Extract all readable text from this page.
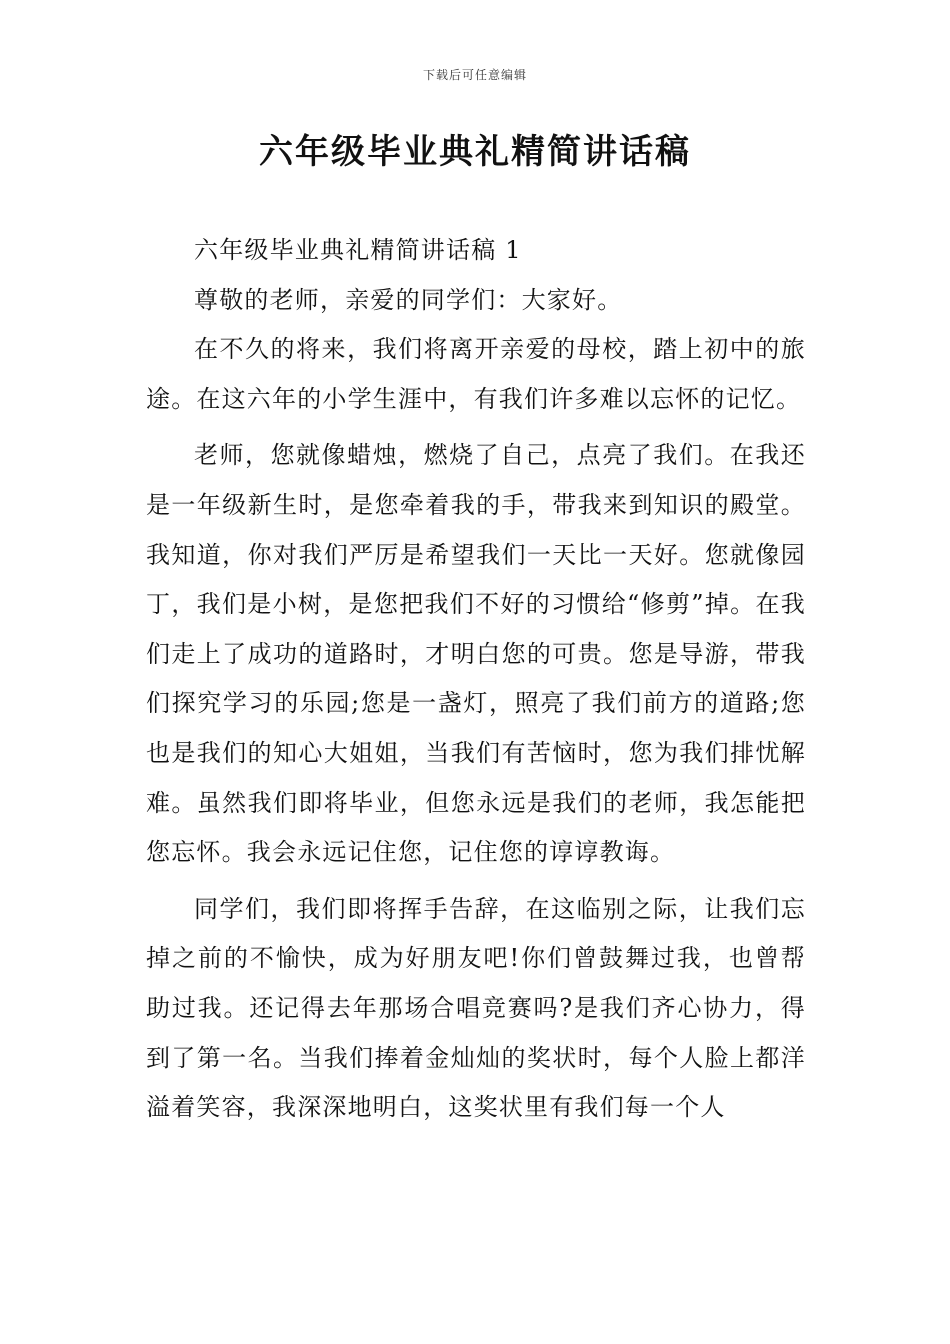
下载后可任意编辑
六年级毕业典礼精简讲话稿

六年级毕业典礼精简讲话稿 1

尊敬的老师，亲爱的同学们：大家好。

在不久的将来，我们将离开亲爱的母校，踏上初中的旅途。在这六年的小学生涯中，有我们许多难以忘怀的记忆。

老师，您就像蜡烛，燃烧了自己，点亮了我们。在我还是一年级新生时，是您牵着我的手，带我来到知识的殿堂。我知道，你对我们严厉是希望我们一天比一天好。您就像园丁，我们是小树，是您把我们不好的习惯给“修剪”掉。在我们走上了成功的道路时，才明白您的可贵。您是导游，带我们探究学习的乐园;您是一盏灯，照亮了我们前方的道路;您也是我们的知心大姐姐，当我们有苦恼时，您为我们排忧解难。虽然我们即将毕业，但您永远是我们的老师，我怎能把您忘怀。我会永远记住您，记住您的谆谆教诲。

同学们，我们即将挥手告辞，在这临别之际，让我们忘掉之前的不愉快，成为好朋友吧!你们曾鼓舞过我，也曾帮助过我。还记得去年那场合唱竞赛吗?是我们齐心协力，得到了第一名。当我们捧着金灿灿的奖状时，每个人脸上都洋溢着笑容，我深深地明白，这奖状里有我们每一个人
